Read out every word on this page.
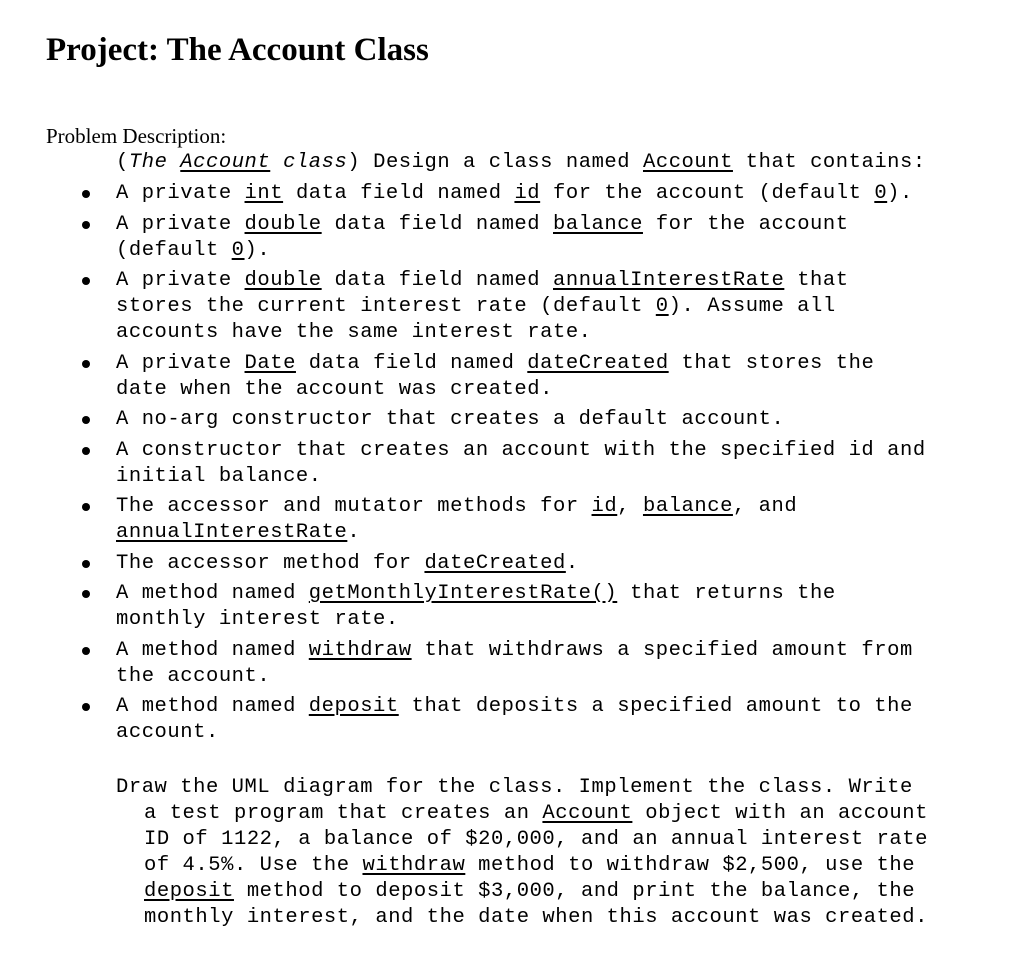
Project: The Account Class

Problem Description:

(The Account class) Design a class named Account that contains:

A private int data field named id for the account (default 0).
A private double data field named balance for the account
(default 0).
A private double data field named annualInterestRate that
stores the current interest rate (default 0). Assume all
accounts have the same interest rate.
A private Date data field named dateCreated that stores the
date when the account was created.
A no-arg constructor that creates a default account.
A constructor that creates an account with the specified id and
initial balance.
The accessor and mutator methods for id, balance, and
annualInterestRate.
The accessor method for dateCreated.
A method named getMonthlyInterestRate() that returns the
monthly interest rate.
A method named withdraw that withdraws a specified amount from
the account.
A method named deposit that deposits a specified amount to the
account.

Draw the UML diagram for the class. Implement the class. Write
a test program that creates an Account object with an account
ID of 1122, a balance of $20,000, and an annual interest rate
of 4.5%. Use the withdraw method to withdraw $2,500, use the
deposit method to deposit $3,000, and print the balance, the
monthly interest, and the date when this account was created.
